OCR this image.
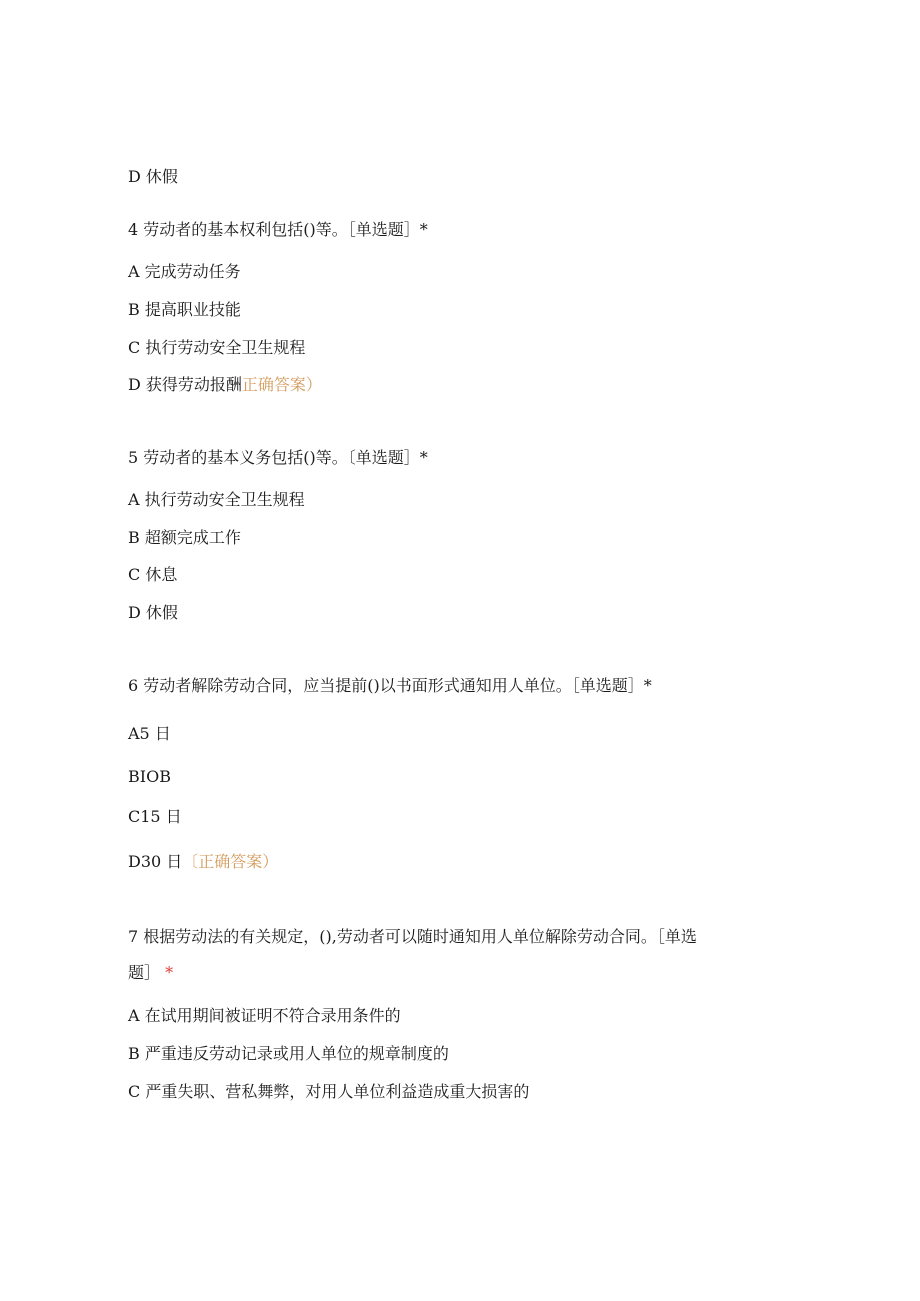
D 休假
4 劳动者的基本权利包括()等。［单选题］*
A 完成劳动任务
B 提高职业技能
C 执行劳动安全卫生规程
D 获得劳动报酬正确答案）
5 劳动者的基本义务包括()等。〔单选题］*
A 执行劳动安全卫生规程
B 超额完成工作
C 休息
D 休假
6 劳动者解除劳动合同，应当提前()以书面形式通知用人单位。［单选题］*
A5 日
BIOB
C15 日
D30 日〔正确答案）
7 根据劳动法的有关规定，(),劳动者可以随时通知用人单位解除劳动合同。［单选
题］ *
A 在试用期间被证明不符合录用条件的
B 严重违反劳动记录或用人单位的规章制度的
C 严重失职、营私舞弊，对用人单位利益造成重大损害的
